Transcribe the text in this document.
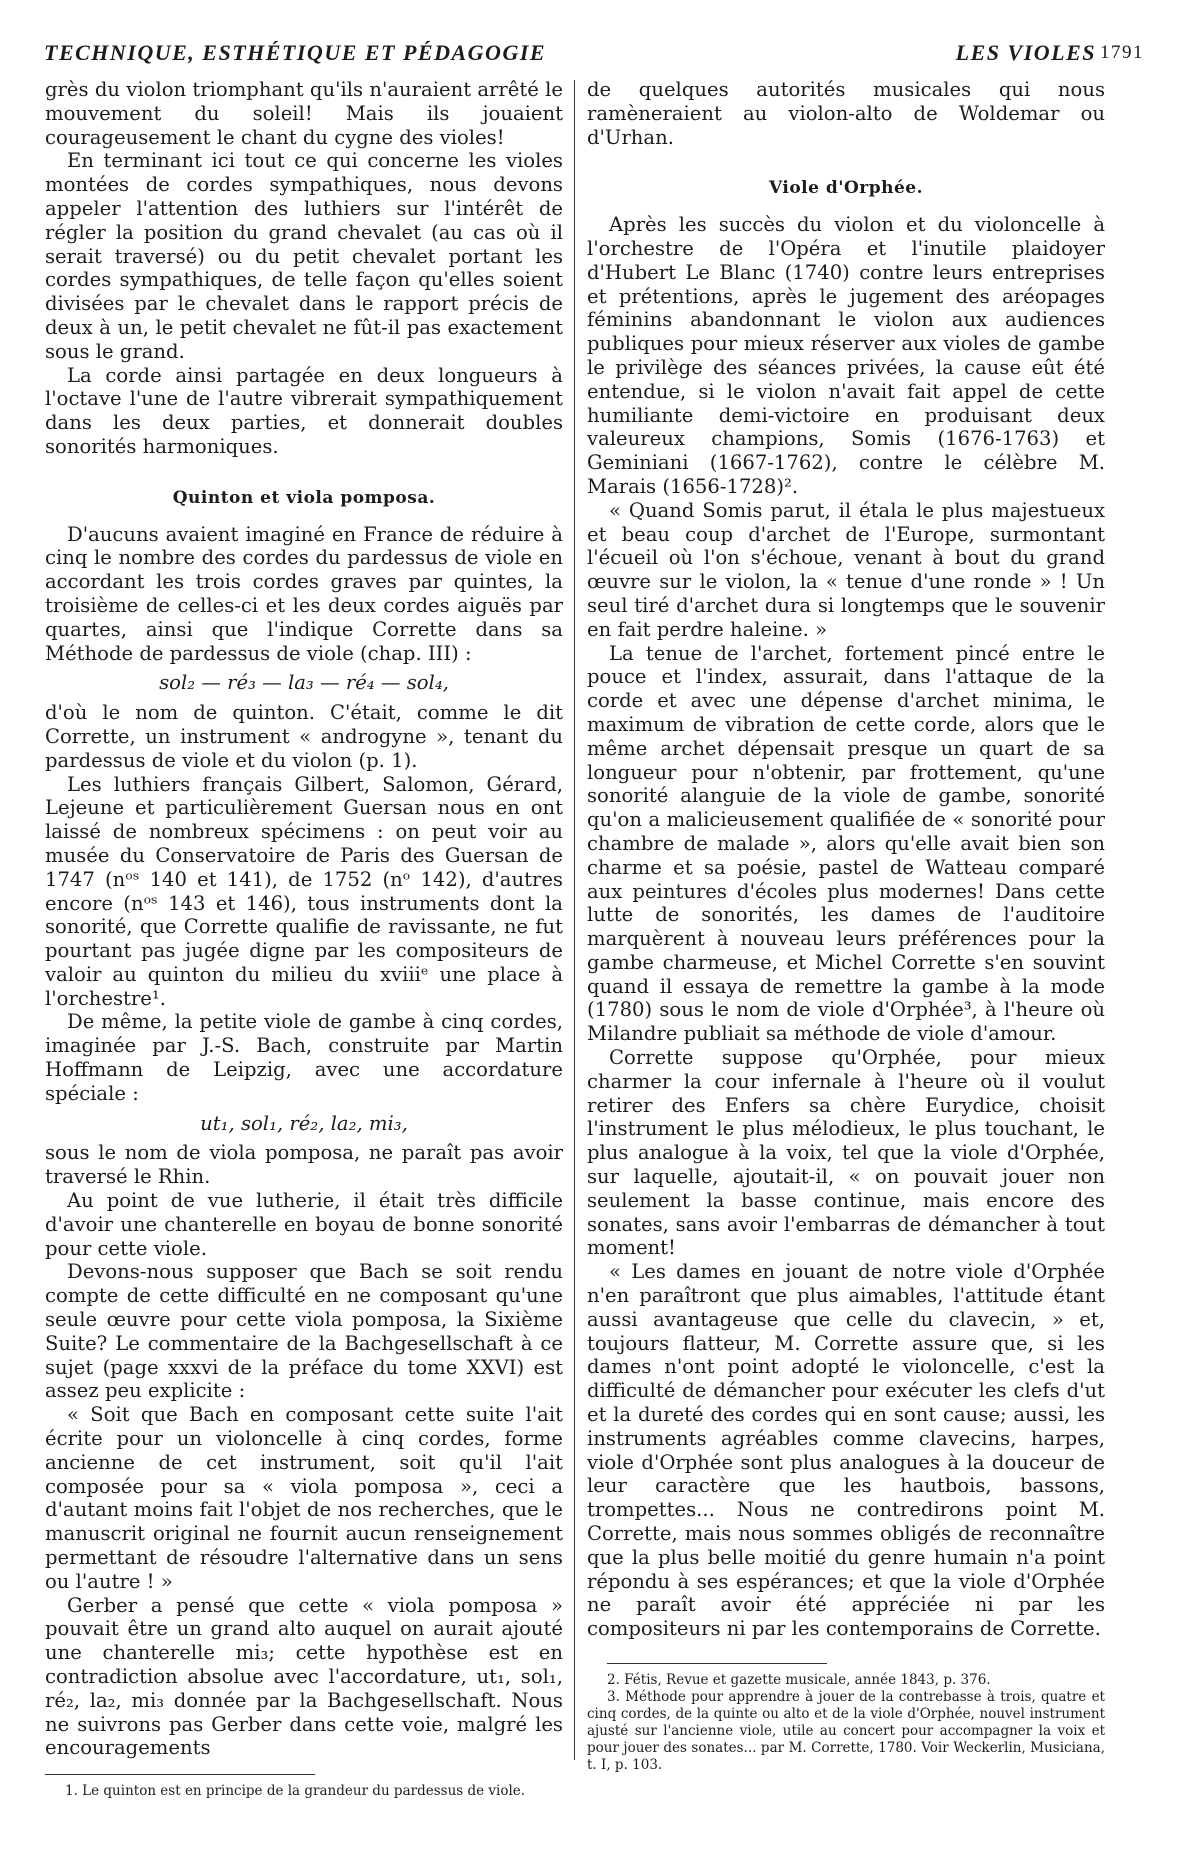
TECHNIQUE, ESTHÉTIQUE ET PÉDAGOGIE	LES VIOLES 1791

grès du violon triomphant qu'ils n'auraient arrêté le mouvement du soleil! Mais ils jouaient courageusement le chant du cygne des violes!

En terminant ici tout ce qui concerne les violes montées de cordes sympathiques, nous devons appeler l'attention des luthiers sur l'intérêt de régler la position du grand chevalet (au cas où il serait traversé) ou du petit chevalet portant les cordes sympathiques, de telle façon qu'elles soient divisées par le chevalet dans le rapport précis de deux à un, le petit chevalet ne fût-il pas exactement sous le grand.

La corde ainsi partagée en deux longueurs à l'octave l'une de l'autre vibrerait sympathiquement dans les deux parties, et donnerait doubles sonorités harmoniques.

Quinton et viola pomposa.

D'aucuns avaient imaginé en France de réduire à cinq le nombre des cordes du pardessus de viole en accordant les trois cordes graves par quintes, la troisième de celles-ci et les deux cordes aiguës par quartes, ainsi que l'indique Corrette dans sa Méthode de pardessus de viole (chap. III) :

sol₂ — ré₃ — la₃ — ré₄ — sol₄,

d'où le nom de quinton. C'était, comme le dit Corrette, un instrument « androgyne », tenant du pardessus de viole et du violon (p. 1).

Les luthiers français Gilbert, Salomon, Gérard, Lejeune et particulièrement Guersan nous en ont laissé de nombreux spécimens : on peut voir au musée du Conservatoire de Paris des Guersan de 1747 (nᵒˢ 140 et 141), de 1752 (nᵒ 142), d'autres encore (nᵒˢ 143 et 146), tous instruments dont la sonorité, que Corrette qualifie de ravissante, ne fut pourtant pas jugée digne par les compositeurs de valoir au quinton du milieu du xviiiᵉ une place à l'orchestre¹.

De même, la petite viole de gambe à cinq cordes, imaginée par J.-S. Bach, construite par Martin Hoffmann de Leipzig, avec une accordature spéciale :

ut₁, sol₁, ré₂, la₂, mi₃,

sous le nom de viola pomposa, ne paraît pas avoir traversé le Rhin.

Au point de vue lutherie, il était très difficile d'avoir une chanterelle en boyau de bonne sonorité pour cette viole.

Devons-nous supposer que Bach se soit rendu compte de cette difficulté en ne composant qu'une seule œuvre pour cette viola pomposa, la Sixième Suite? Le commentaire de la Bachgesellschaft à ce sujet (page xxxvi de la préface du tome XXVI) est assez peu explicite :

« Soit que Bach en composant cette suite l'ait écrite pour un violoncelle à cinq cordes, forme ancienne de cet instrument, soit qu'il l'ait composée pour sa « viola pomposa », ceci a d'autant moins fait l'objet de nos recherches, que le manuscrit original ne fournit aucun renseignement permettant de résoudre l'alternative dans un sens ou l'autre ! »

Gerber a pensé que cette « viola pomposa » pouvait être un grand alto auquel on aurait ajouté une chanterelle mi₃; cette hypothèse est en contradiction absolue avec l'accordature, ut₁, sol₁, ré₂, la₂, mi₃ donnée par la Bachgesellschaft. Nous ne suivrons pas Gerber dans cette voie, malgré les encouragements

1. Le quinton est en principe de la grandeur du pardessus de viole.

de quelques autorités musicales qui nous ramèneraient au violon-alto de Woldemar ou d'Urhan.

Viole d'Orphée.

Après les succès du violon et du violoncelle à l'orchestre de l'Opéra et l'inutile plaidoyer d'Hubert Le Blanc (1740) contre leurs entreprises et prétentions, après le jugement des aréopages féminins abandonnant le violon aux audiences publiques pour mieux réserver aux violes de gambe le privilège des séances privées, la cause eût été entendue, si le violon n'avait fait appel de cette humiliante demi-victoire en produisant deux valeureux champions, Somis (1676-1763) et Geminiani (1667-1762), contre le célèbre M. Marais (1656-1728)².

« Quand Somis parut, il étala le plus majestueux et beau coup d'archet de l'Europe, surmontant l'écueil où l'on s'échoue, venant à bout du grand œuvre sur le violon, la « tenue d'une ronde » ! Un seul tiré d'archet dura si longtemps que le souvenir en fait perdre haleine. »

La tenue de l'archet, fortement pincé entre le pouce et l'index, assurait, dans l'attaque de la corde et avec une dépense d'archet minima, le maximum de vibration de cette corde, alors que le même archet dépensait presque un quart de sa longueur pour n'obtenir, par frottement, qu'une sonorité alanguie de la viole de gambe, sonorité qu'on a malicieusement qualifiée de « sonorité pour chambre de malade », alors qu'elle avait bien son charme et sa poésie, pastel de Watteau comparé aux peintures d'écoles plus modernes! Dans cette lutte de sonorités, les dames de l'auditoire marquèrent à nouveau leurs préférences pour la gambe charmeuse, et Michel Corrette s'en souvint quand il essaya de remettre la gambe à la mode (1780) sous le nom de viole d'Orphée³, à l'heure où Milandre publiait sa méthode de viole d'amour.

Corrette suppose qu'Orphée, pour mieux charmer la cour infernale à l'heure où il voulut retirer des Enfers sa chère Eurydice, choisit l'instrument le plus mélodieux, le plus touchant, le plus analogue à la voix, tel que la viole d'Orphée, sur laquelle, ajoutait-il, « on pouvait jouer non seulement la basse continue, mais encore des sonates, sans avoir l'embarras de démancher à tout moment!

« Les dames en jouant de notre viole d'Orphée n'en paraîtront que plus aimables, l'attitude étant aussi avantageuse que celle du clavecin, » et, toujours flatteur, M. Corrette assure que, si les dames n'ont point adopté le violoncelle, c'est la difficulté de démancher pour exécuter les clefs d'ut et la dureté des cordes qui en sont cause; aussi, les instruments agréables comme clavecins, harpes, viole d'Orphée sont plus analogues à la douceur de leur caractère que les hautbois, bassons, trompettes... Nous ne contredirons point M. Corrette, mais nous sommes obligés de reconnaître que la plus belle moitié du genre humain n'a point répondu à ses espérances; et que la viole d'Orphée ne paraît avoir été appréciée ni par les compositeurs ni par les contemporains de Corrette.

2. Fétis, Revue et gazette musicale, année 1843, p. 376.

3. Méthode pour apprendre à jouer de la contrebasse à trois, quatre et cinq cordes, de la quinte ou alto et de la viole d'Orphée, nouvel instrument ajusté sur l'ancienne viole, utile au concert pour accompagner la voix et pour jouer des sonates... par M. Corrette, 1780. Voir Weckerlin, Musiciana, t. I, p. 103.
